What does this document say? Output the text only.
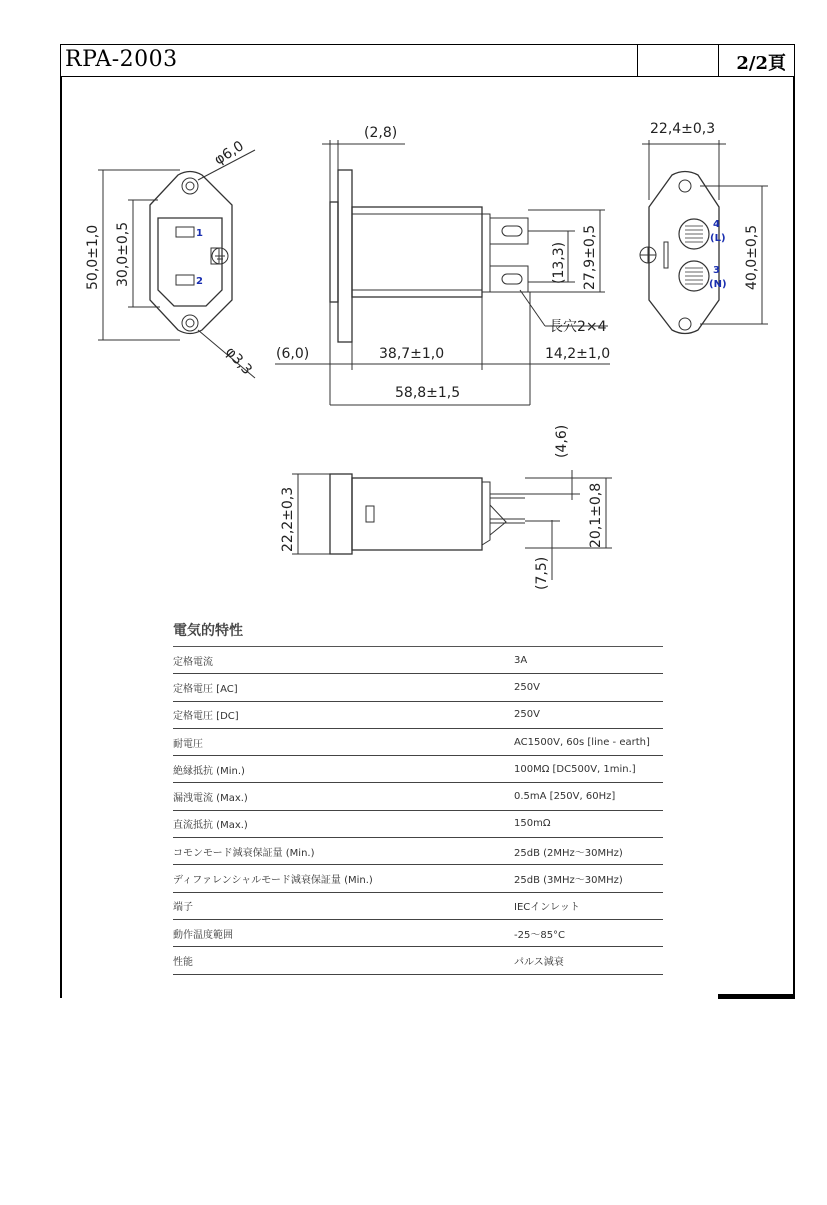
RPA-2003	2/2頁
1
2
4
(L)
3
(N)
φ6,0
φ3,3
50,0±1,0 30,0±0,5
(2,8)
27,9±0,5
(13,3)
長穴2×4
(6,0)	38,7±1,0	14,2±1,0
58,8±1,5
22,4±0,3
40,0±0,5
22,2±0,3
(4,6)
20,1±0,8
(7,5)
電気的特性
定格電流	3A
定格電圧 [AC]	250V
定格電圧 [DC]	250V
耐電圧	AC1500V, 60s [line - earth]
絶縁抵抗 (Min.)	100MΩ [DC500V, 1min.]
漏洩電流 (Max.)	0.5mA [250V, 60Hz]
直流抵抗 (Max.)	150mΩ
コモンモード減衰保証量 (Min.)	25dB (2MHz〜30MHz)
ディファレンシャルモード減衰保証量 (Min.)	25dB (3MHz〜30MHz)
端子	IECインレット
動作温度範囲	-25〜85°C
性能	パルス減衰
